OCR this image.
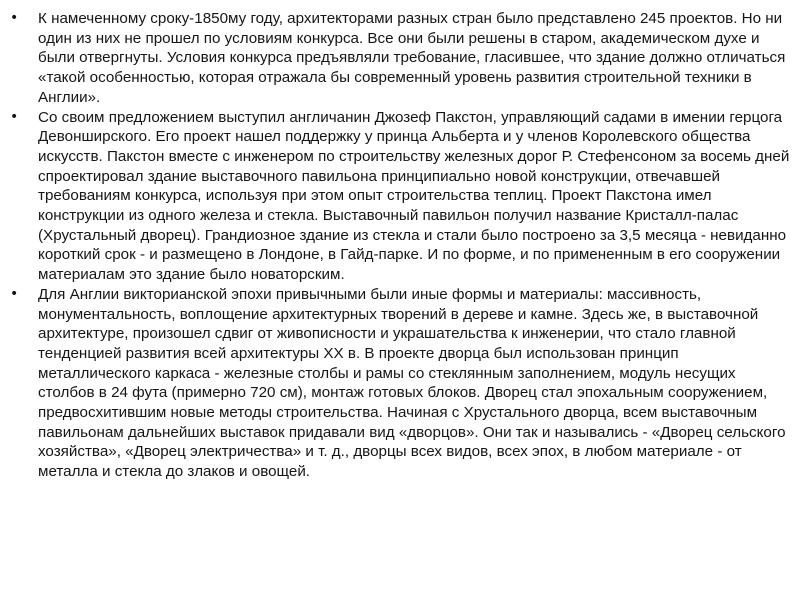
•	К намеченному сроку-1850му году, архитекторами разных стран было представлено 245 проектов. Но ни один из них не прошел по условиям конкурса. Все они были решены в старом, академическом духе и были отвергнуты. Условия конкурса предъявляли требование, гласившее, что здание должно отличаться «такой особенностью, которая отражала бы современный уровень развития строительной техники в Англии».
•	Со своим предложением выступил англичанин Джозеф Пакстон, управляющий садами в имении герцога Девонширского. Его проект нашел поддержку у принца Альберта и у членов Королевского общества искусств. Пакстон вместе с инженером по строительству железных дорог Р. Стефенсоном за восемь дней спроектировал здание выставочного павильона принципиально новой конструкции, отвечавшей требованиям конкурса, используя при этом опыт строительства теплиц. Проект Пакстона имел конструкции из одного железа и стекла. Выставочный павильон получил название Кристалл-палас (Хрустальный дворец). Грандиозное здание из стекла и стали было построено за 3,5 месяца - невиданно короткий срок - и размещено в Лондоне, в Гайд-парке. И по форме, и по примененным в его сооружении материалам это здание было новаторским.
•	Для Англии викторианской эпохи привычными были иные формы и материалы: массивность, монументальность, воплощение архитектурных творений в дереве и камне. Здесь же, в выставочной архитектуре, произошел сдвиг от живописности и украшательства к инженерии, что стало главной тенденцией развития всей архитектуры XX в. В проекте дворца был использован принцип металлического каркаса - железные столбы и рамы со стеклянным заполнением, модуль несущих столбов в 24 фута (примерно 720 см), монтаж готовых блоков. Дворец стал эпохальным сооружением, предвосхитившим новые методы строительства. Начиная с Хрустального дворца, всем выставочным павильонам дальнейших выставок придавали вид «дворцов». Они так и назывались - «Дворец сельского хозяйства», «Дворец электричества» и т. д., дворцы всех видов, всех эпох, в любом материале - от металла и стекла до злаков и овощей.
